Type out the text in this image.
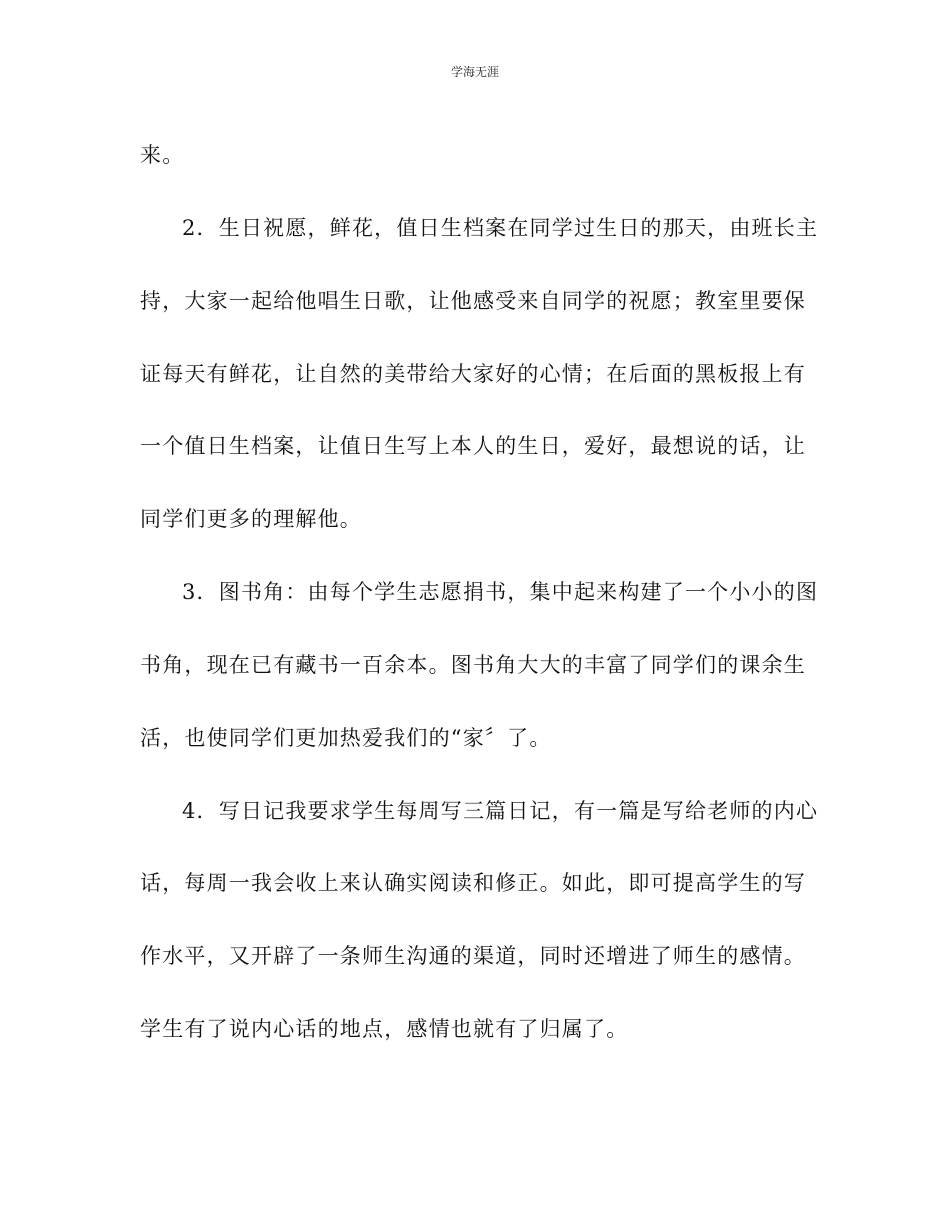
学海无涯
来。
2．生日祝愿，鲜花，值日生档案在同学过生日的那天，由班长主
持，大家一起给他唱生日歌，让他感受来自同学的祝愿；教室里要保
证每天有鲜花，让自然的美带给大家好的心情；在后面的黑板报上有
一个值日生档案，让值日生写上本人的生日，爱好，最想说的话，让
同学们更多的理解他。
3．图书角：由每个学生志愿捐书，集中起来构建了一个小小的图
书角，现在已有藏书一百余本。图书角大大的丰富了同学们的课余生
活，也使同学们更加热爱我们的“家〞了。
4．写日记我要求学生每周写三篇日记，有一篇是写给老师的内心
话，每周一我会收上来认确实阅读和修正。如此，即可提高学生的写
作水平，又开辟了一条师生沟通的渠道，同时还增进了师生的感情。
学生有了说内心话的地点，感情也就有了归属了。
